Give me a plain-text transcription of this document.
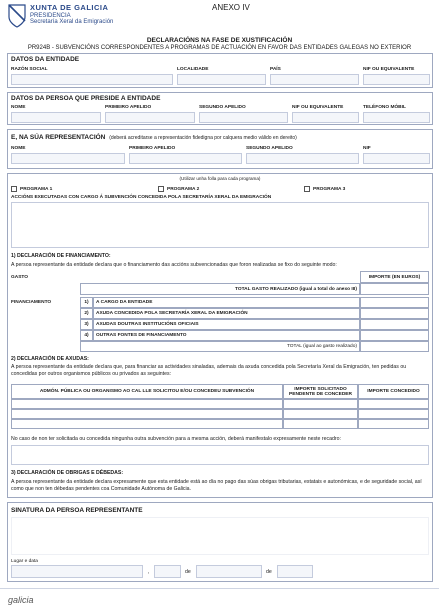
XUNTA DE GALICIA
PRESIDENCIA
Secretaría Xeral da Emigración
ANEXO IV
DECLARACIÓNS NA FASE DE XUSTIFICACIÓN
PR924B - SUBVENCIÓNS CORRESPONDENTES A PROGRAMAS DE ACTUACIÓN EN FAVOR DAS ENTIDADES GALEGAS NO EXTERIOR
DATOS DA ENTIDADE
RAZÓN SOCIAL	LOCALIDADE	PAÍS	NIF OU EQUIVALENTE
DATOS DA PERSOA QUE PRESIDE A ENTIDADE
NOME	PRIMEIRO APELIDO	SEGUNDO APELIDO	NIF OU EQUIVALENTE	TELÉFONO MÓBIL
E, NA SÚA REPRESENTACIÓN (deberá acreditarse a representación fidedigna por calquera medio válido en dereito)
NOME	PRIMEIRO APELIDO	SEGUNDO APELIDO	NIF
(Utilizar unha folla para cada programa)
PROGRAMA 1	PROGRAMA 2	PROGRAMA 3
ACCIÓNS EXECUTADAS CON CARGO Á SUBVENCIÓN CONCEDIDA POLA SECRETARÍA XERAL DA EMIGRACIÓN
1) DECLARACIÓN DE FINANCIAMENTO:
A persoa representante da entidade declara que o financiamento das accións subvencionadas que foron realizadas se fixo do seguinte modo:
GASTO	IMPORTE (EN EUROS)
TOTAL GASTO REALIZADO (igual a total do anexo III)
FINANCIAMENTO	1)	A CARGO DA ENTIDADE
2)	AXUDA CONCEDIDA POLA SECRETARÍA XERAL DA EMIGRACIÓN
3)	AXUDAS DOUTRAS INSTITUCIÓNS OFICIAIS
4)	OUTRAS FONTES DE FINANCIAMENTO
TOTAL (igual ao gasto realizado)
2) DECLARACIÓN DE AXUDAS:
A persoa representante da entidade declara que, para financiar as actividades sinaladas, ademais da axuda concedida pola Secretaría Xeral da Emigración, ten pedidas ou concedidas por outros organismos públicos ou privados as seguintes:
ADMÓN. PÚBLICA OU ORGANISMO AO CAL LLE SOLICITOU E/OU CONCEDEU SUBVENCIÓN	IMPORTE SOLICITADO PENDENTE DE CONCEDER	IMPORTE CONCEDIDO
No caso de non ter solicitada ou concedida ningunha outra subvención para a mesma acción, deberá manifestalo expresamente neste recadro:
3) DECLARACIÓN DE OBRIGAS E DÉBEDAS:
A persoa representante da entidade declara expresamente que esta entidade está ao día no pago das súas obrigas tributarias, estatais e autonómicas, e de seguridade social, así como que non ten débedas pendentes coa Comunidade Autónoma de Galicia.
SINATURA DA PERSOA REPRESENTANTE
Lugar e data
,	de	de
galicia
